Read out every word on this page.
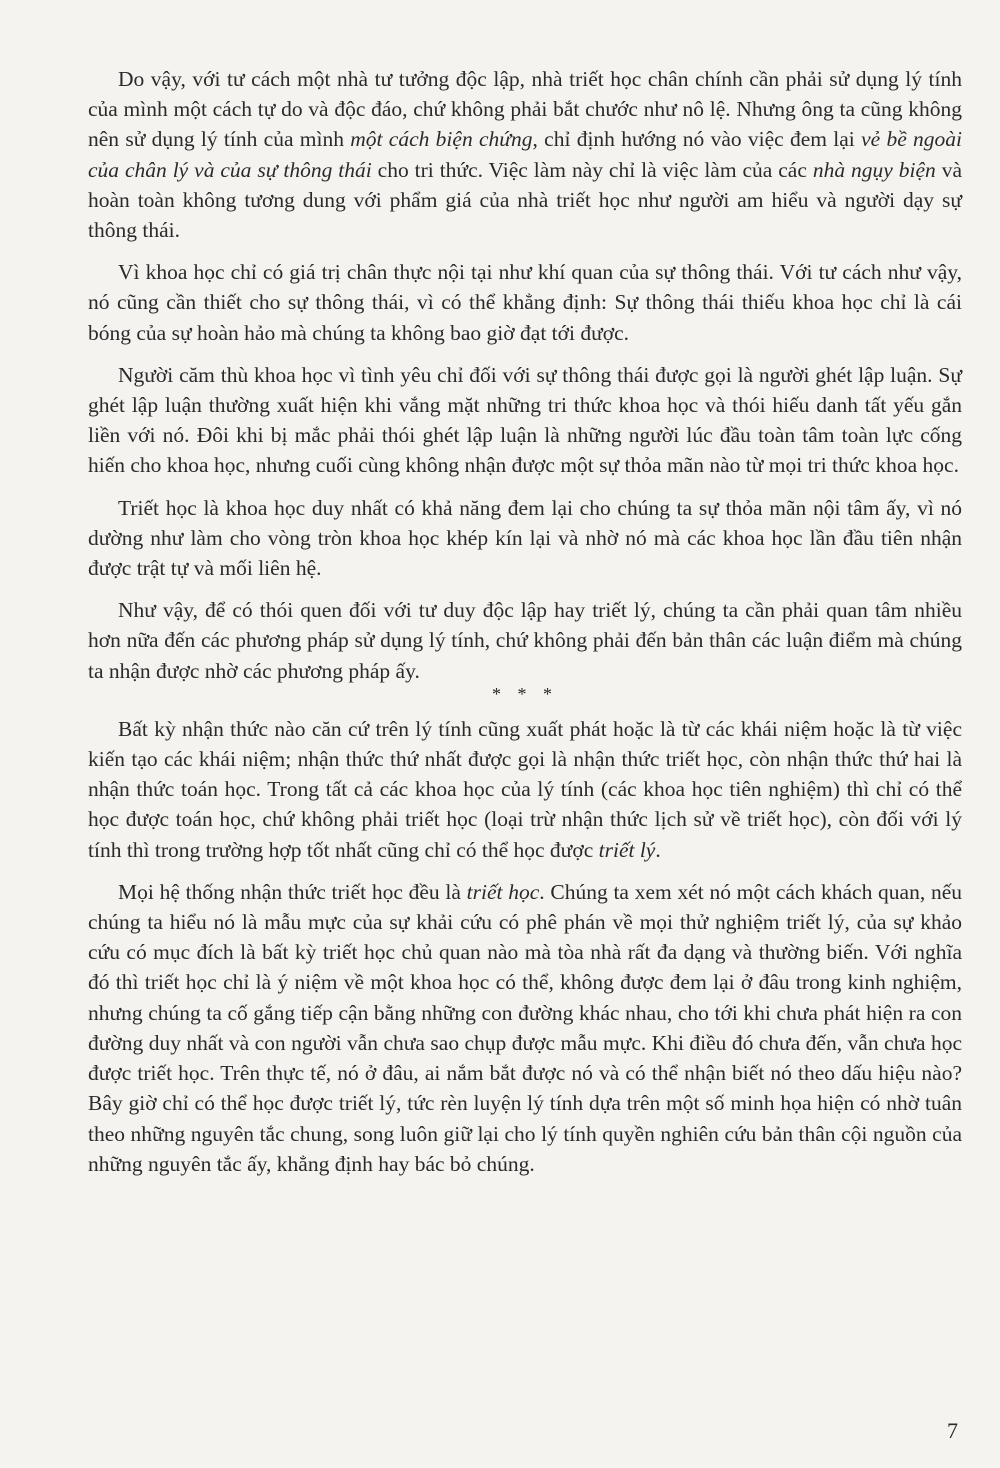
Do vậy, với tư cách một nhà tư tưởng độc lập, nhà triết học chân chính cần phải sử dụng lý tính của mình một cách tự do và độc đáo, chứ không phải bắt chước như nô lệ. Nhưng ông ta cũng không nên sử dụng lý tính của mình một cách biện chứng, chỉ định hướng nó vào việc đem lại vẻ bề ngoài của chân lý và của sự thông thái cho tri thức. Việc làm này chỉ là việc làm của các nhà ngụy biện và hoàn toàn không tương dung với phẩm giá của nhà triết học như người am hiểu và người dạy sự thông thái.

Vì khoa học chỉ có giá trị chân thực nội tại như khí quan của sự thông thái. Với tư cách như vậy, nó cũng cần thiết cho sự thông thái, vì có thể khẳng định: Sự thông thái thiếu khoa học chỉ là cái bóng của sự hoàn hảo mà chúng ta không bao giờ đạt tới được.

Người căm thù khoa học vì tình yêu chỉ đối với sự thông thái được gọi là người ghét lập luận. Sự ghét lập luận thường xuất hiện khi vắng mặt những tri thức khoa học và thói hiếu danh tất yếu gắn liền với nó. Đôi khi bị mắc phải thói ghét lập luận là những người lúc đầu toàn tâm toàn lực cống hiến cho khoa học, nhưng cuối cùng không nhận được một sự thỏa mãn nào từ mọi tri thức khoa học.

Triết học là khoa học duy nhất có khả năng đem lại cho chúng ta sự thỏa mãn nội tâm ấy, vì nó dường như làm cho vòng tròn khoa học khép kín lại và nhờ nó mà các khoa học lần đầu tiên nhận được trật tự và mối liên hệ.

Như vậy, để có thói quen đối với tư duy độc lập hay triết lý, chúng ta cần phải quan tâm nhiều hơn nữa đến các phương pháp sử dụng lý tính, chứ không phải đến bản thân các luận điểm mà chúng ta nhận được nhờ các phương pháp ấy.

* * *

Bất kỳ nhận thức nào căn cứ trên lý tính cũng xuất phát hoặc là từ các khái niệm hoặc là từ việc kiến tạo các khái niệm; nhận thức thứ nhất được gọi là nhận thức triết học, còn nhận thức thứ hai là nhận thức toán học. Trong tất cả các khoa học của lý tính (các khoa học tiên nghiệm) thì chỉ có thể học được toán học, chứ không phải triết học (loại trừ nhận thức lịch sử về triết học), còn đối với lý tính thì trong trường hợp tốt nhất cũng chỉ có thể học được triết lý.

Mọi hệ thống nhận thức triết học đều là triết học. Chúng ta xem xét nó một cách khách quan, nếu chúng ta hiểu nó là mẫu mực của sự khải cứu có phê phán về mọi thử nghiệm triết lý, của sự khảo cứu có mục đích là bất kỳ triết học chủ quan nào mà tòa nhà rất đa dạng và thường biến. Với nghĩa đó thì triết học chỉ là ý niệm về một khoa học có thể, không được đem lại ở đâu trong kinh nghiệm, nhưng chúng ta cố gắng tiếp cận bằng những con đường khác nhau, cho tới khi chưa phát hiện ra con đường duy nhất và con người vẫn chưa sao chụp được mẫu mực. Khi điều đó chưa đến, vẫn chưa học được triết học. Trên thực tế, nó ở đâu, ai nắm bắt được nó và có thể nhận biết nó theo dấu hiệu nào? Bây giờ chỉ có thể học được triết lý, tức rèn luyện lý tính dựa trên một số minh họa hiện có nhờ tuân theo những nguyên tắc chung, song luôn giữ lại cho lý tính quyền nghiên cứu bản thân cội nguồn của những nguyên tắc ấy, khẳng định hay bác bỏ chúng.

7
